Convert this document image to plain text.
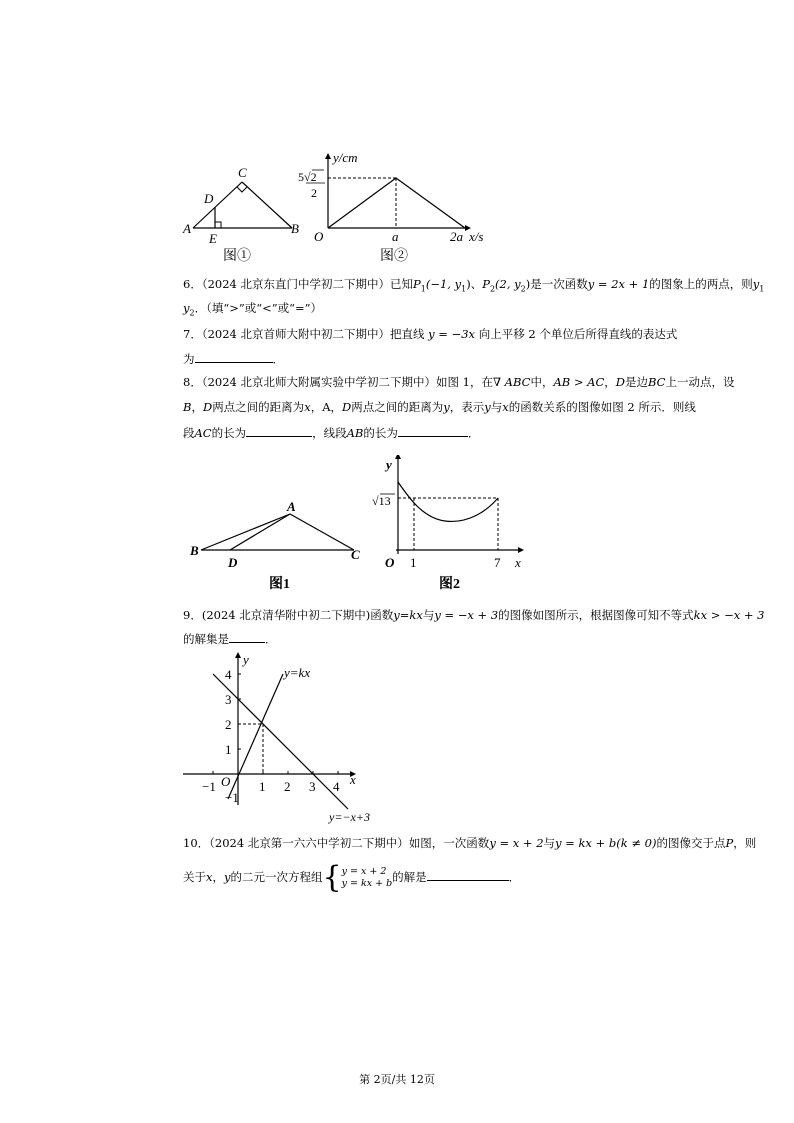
A	B
C
D
E
图①
y/cm
5√2
2
O	a	2a x/s
图②
6．（2024 北京东直门中学初二下期中）已知$P_1(-1$, $y_1$)、$P_2(2$, $y_2$)是一次函数y = 2x + 1的图象上的两点，则$y_1$
$y_2$．（填“>”或“<”或“=”）
7．（2024 北京首师大附中初二下期中）把直线 y = −3x 向上平移 2 个单位后所得直线的表达式
为	．
8．（2024 北京北师大附属实验中学初二下期中）如图 1，在∇ ABC中，AB > AC，D是边BC上一动点，设
B，D两点之间的距离为x，A，D两点之间的距离为y，表示y与x的函数关系的图像如图 2 所示．则线
段AC的长为	，线段AB的长为	．
A
B	C
D
图1
y
√13
O 1	7 x
图2
9．(2024 北京清华附中初二下期中)函数y=kx与y = −x + 3的图像如图所示，根据图像可知不等式kx > −x + 3
的解集是	．
y
x
O
−1	1 2 3 4
1
2
3
4
−1
y=kx
y=−x+3
10．（2024 北京第一六六中学初二下期中）如图，一次函数y = x + 2与y = kx + b(k ≠ 0)的图像交于点P，则
关于x，y的二元一次方程组{y = x + 2
y = kx + b的解是	．
第 2页/共 12页
